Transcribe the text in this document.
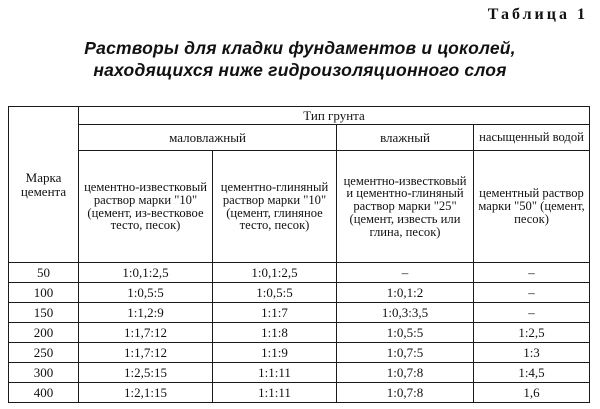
Таблица 1
Растворы для кладки фундаментов и цоколей,
находящихся ниже гидроизоляционного слоя
Марка цемента	Тип грунта			
	маловлажный		влажный	насыщенный водой
	цементно-известковый раствор марки "10" (цемент, из-вестковое тесто, песок)	цементно-глиняный раствор марки "10" (цемент, глиняное тесто, песок)	цементно-известковый и цементно-глиняный раствор марки "25" (цемент, известь или глина, песок)	цементный раствор марки "50" (цемент, песок)
50	1:0,1:2,5	1:0,1:2,5	–	–
100	1:0,5:5	1:0,5:5	1:0,1:2	–
150	1:1,2:9	1:1:7	1:0,3:3,5	–
200	1:1,7:12	1:1:8	1:0,5:5	1:2,5
250	1:1,7:12	1:1:9	1:0,7:5	1:3
300	1:2,5:15	1:1:11	1:0,7:8	1:4,5
400	1:2,1:15	1:1:11	1:0,7:8	1,6
